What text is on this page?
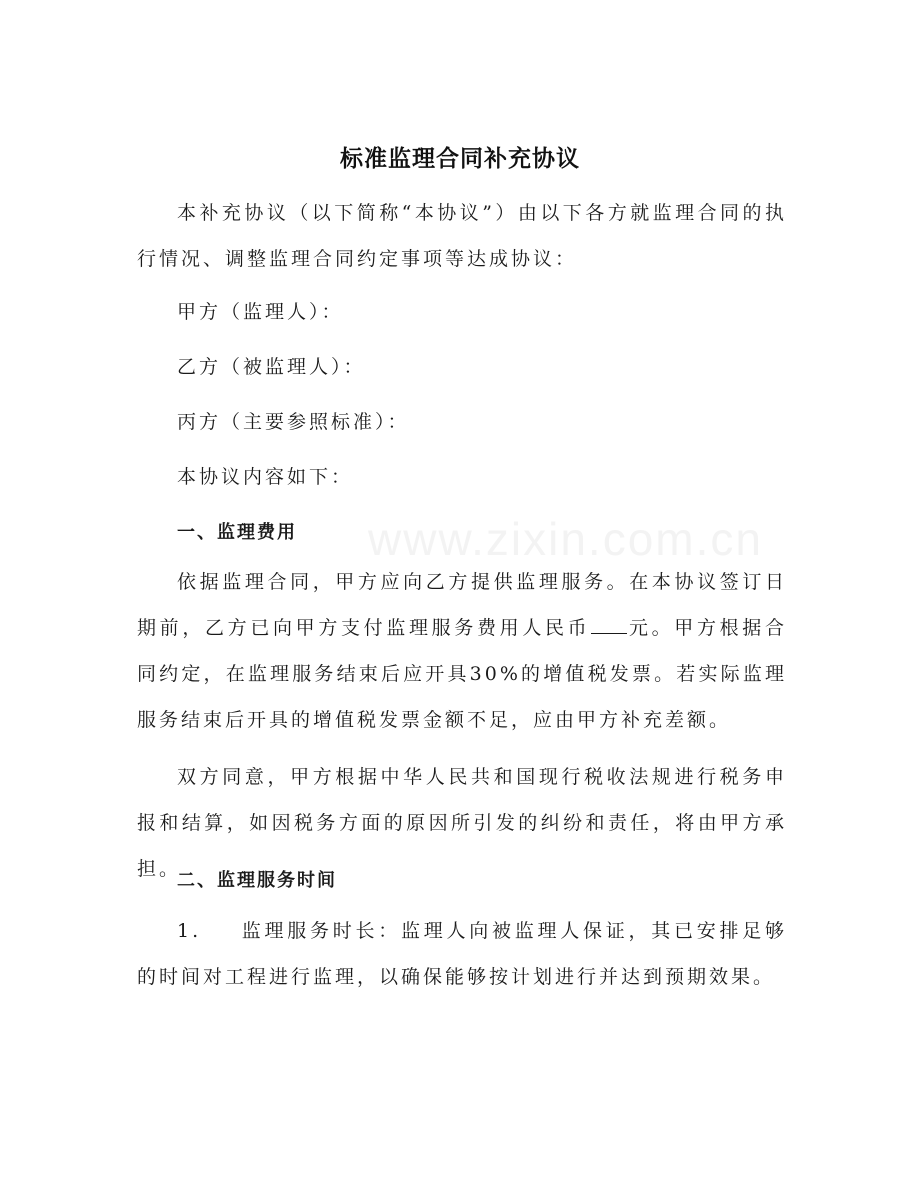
www.zixin.com.cn
标准监理合同补充协议

本补充协议（以下简称“本协议”）由以下各方就监理合同的执行情况、调整监理合同约定事项等达成协议：

甲方（监理人）：
乙方（被监理人）：
丙方（主要参照标准）：
本协议内容如下：
一、监理费用

依据监理合同，甲方应向乙方提供监理服务。在本协议签订日期前，乙方已向甲方支付监理服务费用人民币 元。甲方根据合同约定，在监理服务结束后应开具30%的增值税发票。若实际监理服务结束后开具的增值税发票金额不足，应由甲方补充差额。

双方同意，甲方根据中华人民共和国现行税收法规进行税务申报和结算，如因税务方面的原因所引发的纠纷和责任，将由甲方承担。

二、监理服务时间

1. 监理服务时长：监理人向被监理人保证，其已安排足够的时间对工程进行监理，以确保能够按计划进行并达到预期效果。
